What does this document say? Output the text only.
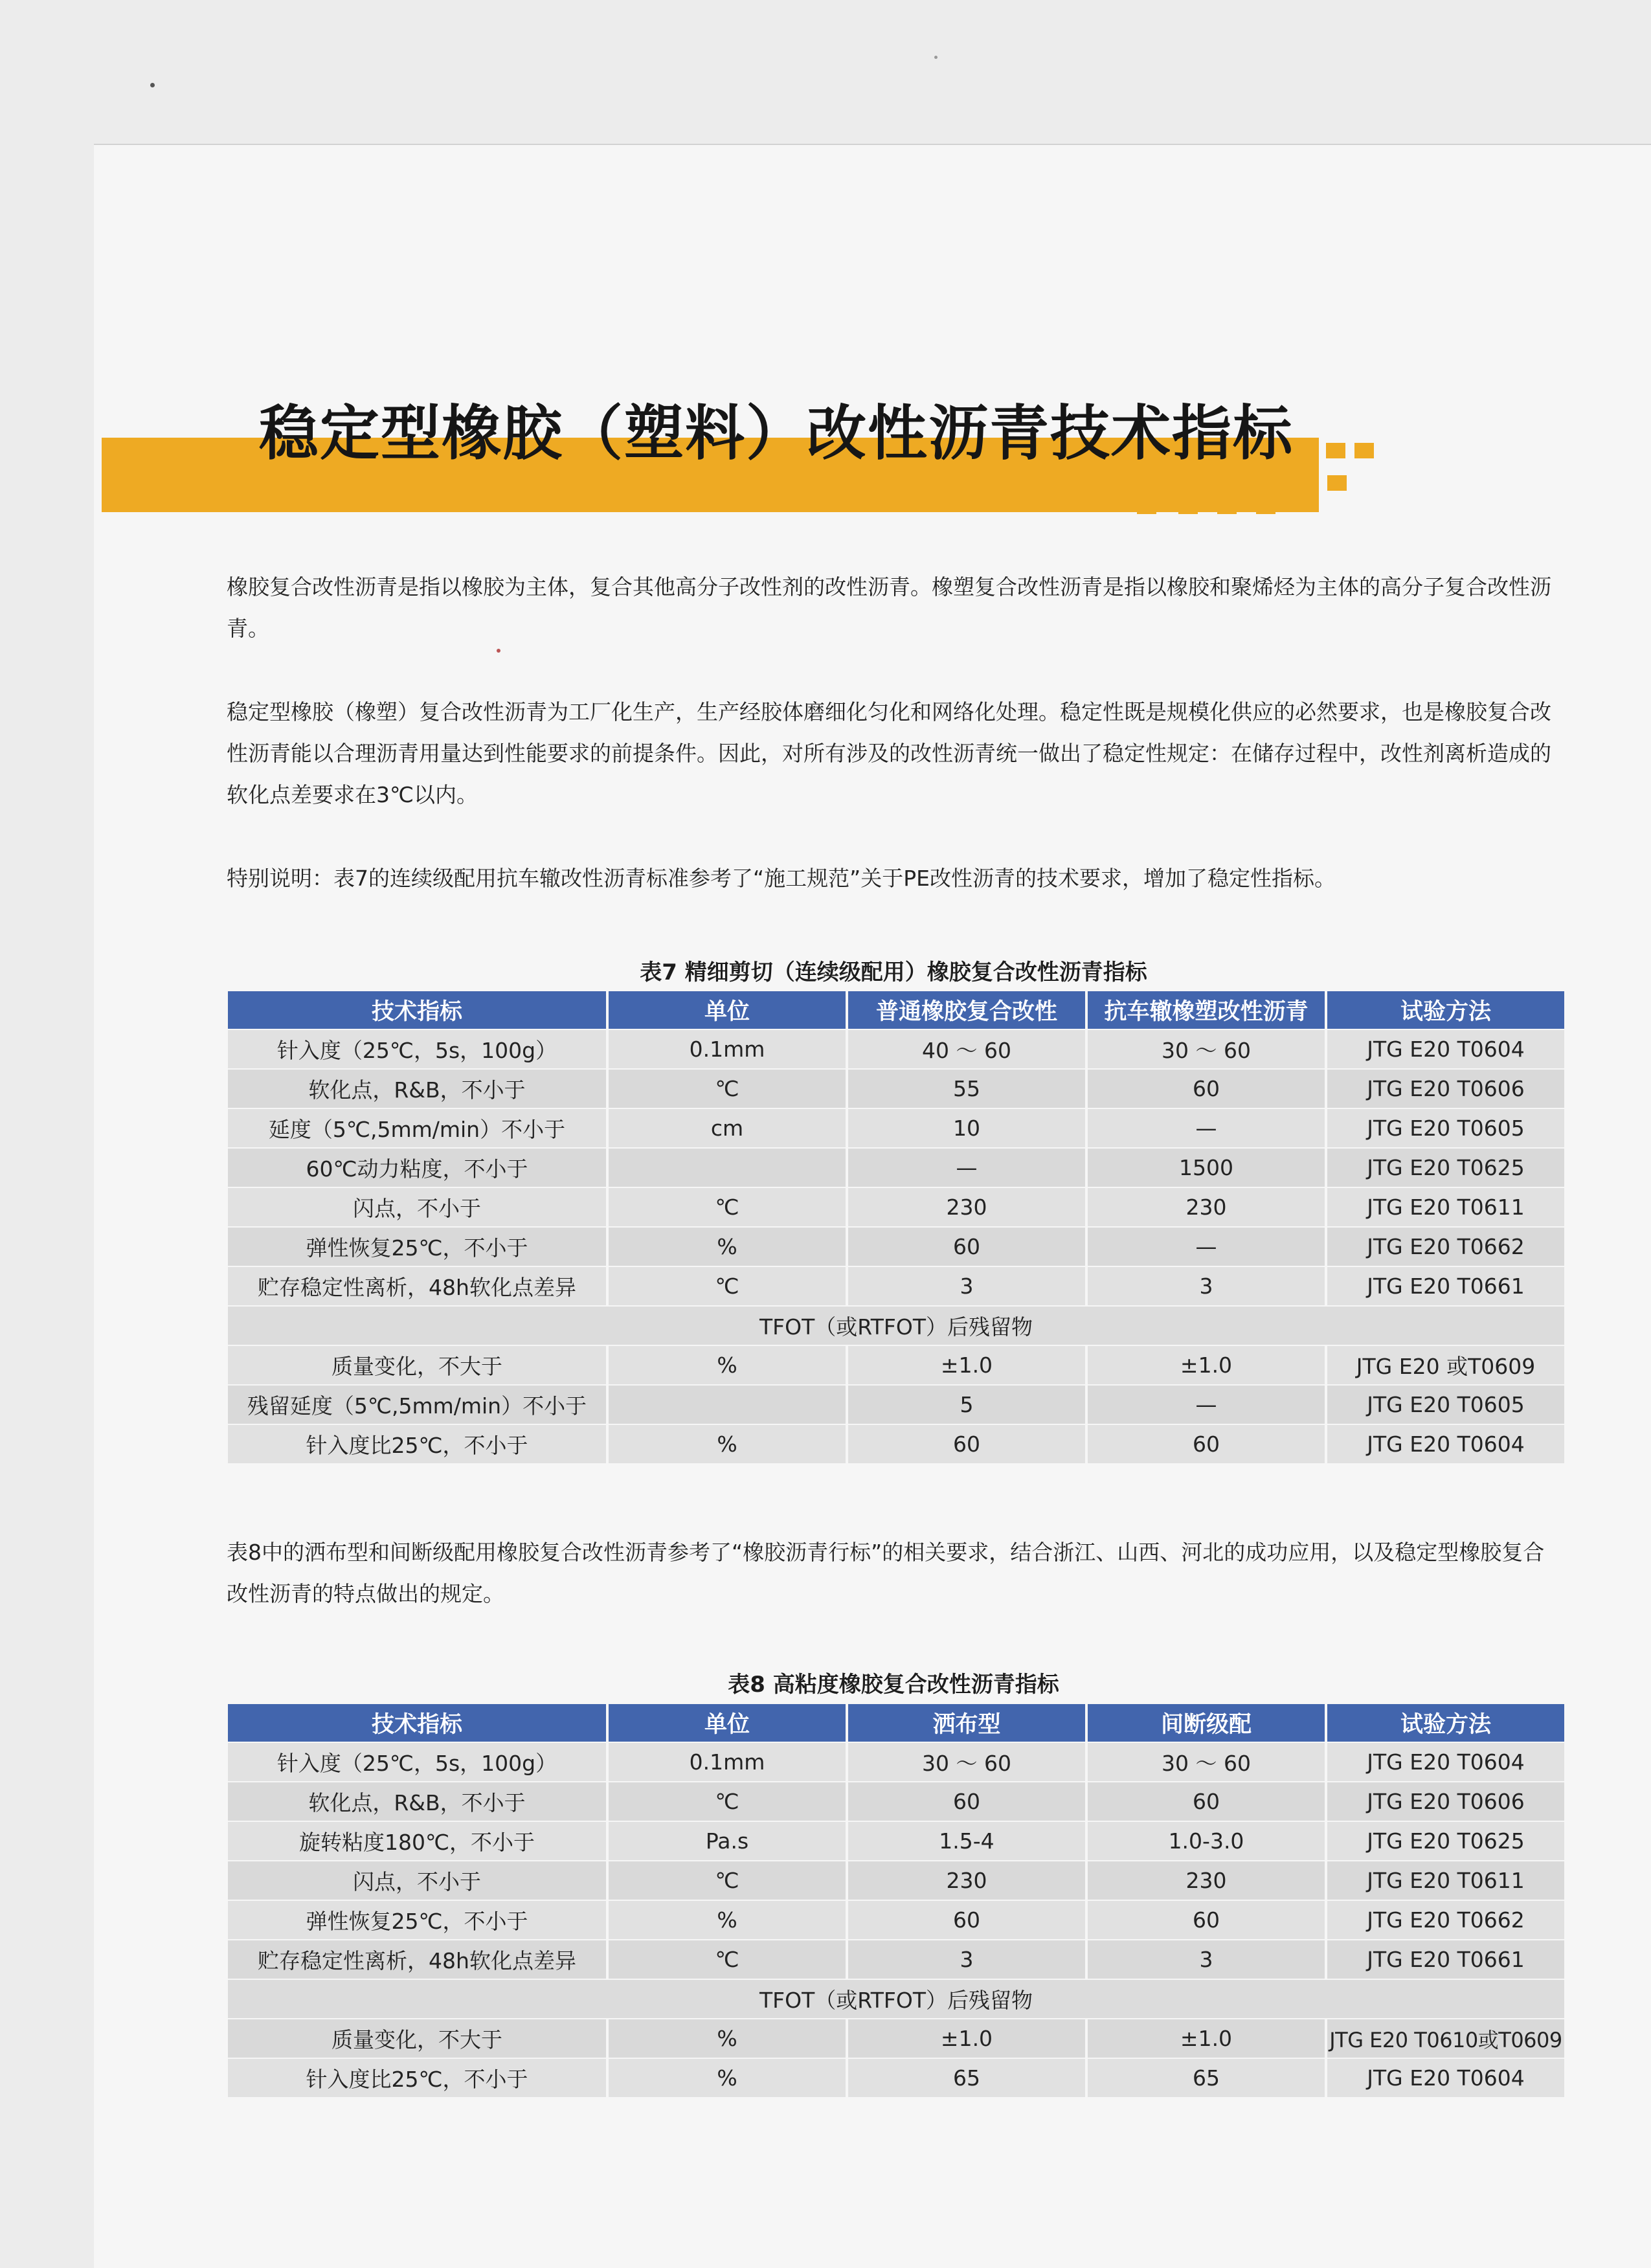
稳定型橡胶（塑料）改性沥青技术指标

橡胶复合改性沥青是指以橡胶为主体，复合其他高分子改性剂的改性沥青。橡塑复合改性沥青是指以橡胶和聚烯烃为主体的高分子复合改性沥青。

稳定型橡胶（橡塑）复合改性沥青为工厂化生产，生产经胶体磨细化匀化和网络化处理。稳定性既是规模化供应的必然要求，也是橡胶复合改性沥青能以合理沥青用量达到性能要求的前提条件。因此，对所有涉及的改性沥青统一做出了稳定性规定：在储存过程中，改性剂离析造成的软化点差要求在3℃以内。

特别说明：表7的连续级配用抗车辙改性沥青标准参考了“施工规范”关于PE改性沥青的技术要求，增加了稳定性指标。

表7 精细剪切（连续级配用）橡胶复合改性沥青指标

技术指标	单位	普通橡胶复合改性	抗车辙橡塑改性沥青	试验方法
针入度（25℃，5s，100g）	0.1mm	40 ～ 60	30 ～ 60	JTG E20 T0604
软化点，R&B，不小于	℃	55	60	JTG E20 T0606
延度（5℃,5mm/min）不小于	cm	10	—	JTG E20 T0605
60℃动力粘度，不小于		—	1500	JTG E20 T0625
闪点，不小于	℃	230	230	JTG E20 T0611
弹性恢复25℃，不小于	%	60	—	JTG E20 T0662
贮存稳定性离析，48h软化点差异	℃	3	3	JTG E20 T0661
TFOT（或RTFOT）后残留物				
质量变化，不大于	%	±1.0	±1.0	JTG E20 或T0609
残留延度（5℃,5mm/min）不小于		5	—	JTG E20 T0605
针入度比25℃，不小于	%	60	60	JTG E20 T0604

表8中的洒布型和间断级配用橡胶复合改性沥青参考了“橡胶沥青行标”的相关要求，结合浙江、山西、河北的成功应用，以及稳定型橡胶复合改性沥青的特点做出的规定。

表8 高粘度橡胶复合改性沥青指标

技术指标	单位	洒布型	间断级配	试验方法
针入度（25℃，5s，100g）	0.1mm	30 ～ 60	30 ～ 60	JTG E20 T0604
软化点，R&B，不小于	℃	60	60	JTG E20 T0606
旋转粘度180℃，不小于	Pa.s	1.5-4	1.0-3.0	JTG E20 T0625
闪点，不小于	℃	230	230	JTG E20 T0611
弹性恢复25℃，不小于	%	60	60	JTG E20 T0662
贮存稳定性离析，48h软化点差异	℃	3	3	JTG E20 T0661
TFOT（或RTFOT）后残留物				
质量变化，不大于	%	±1.0	±1.0	JTG E20 T0610或T0609
针入度比25℃，不小于	%	65	65	JTG E20 T0604
